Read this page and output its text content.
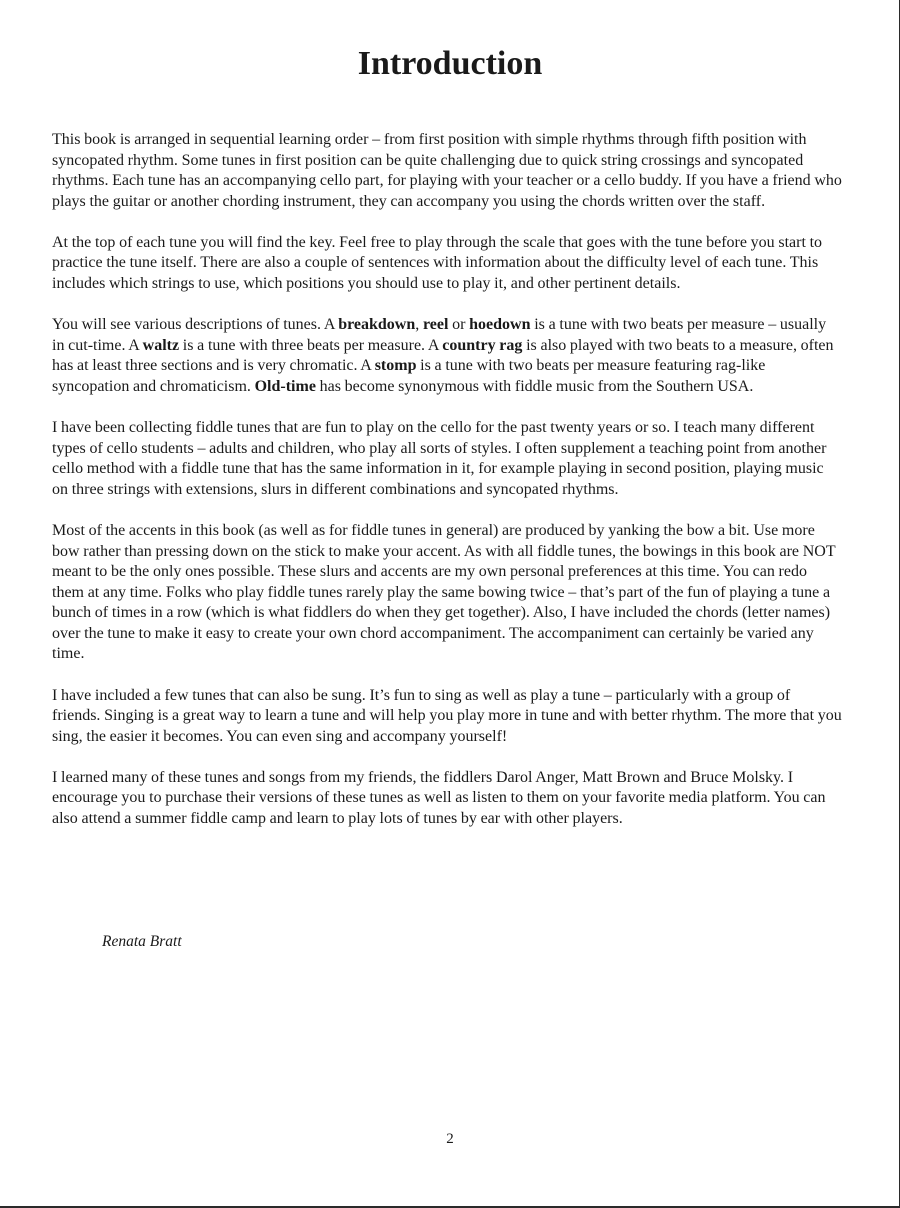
Introduction

This book is arranged in sequential learning order – from first position with simple rhythms through fifth position with syncopated rhythm. Some tunes in first position can be quite challenging due to quick string crossings and syncopated rhythms. Each tune has an accompanying cello part, for playing with your teacher or a cello buddy. If you have a friend who plays the guitar or another chording instrument, they can accompany you using the chords written over the staff.

At the top of each tune you will find the key. Feel free to play through the scale that goes with the tune before you start to practice the tune itself. There are also a couple of sentences with information about the difficulty level of each tune. This includes which strings to use, which positions you should use to play it, and other pertinent details.

You will see various descriptions of tunes. A breakdown, reel or hoedown is a tune with two beats per measure – usually in cut-time. A waltz is a tune with three beats per measure. A country rag is also played with two beats to a measure, often has at least three sections and is very chromatic. A stomp is a tune with two beats per measure featuring rag-like syncopation and chromaticism. Old-time has become synonymous with fiddle music from the Southern USA.

I have been collecting fiddle tunes that are fun to play on the cello for the past twenty years or so. I teach many different types of cello students – adults and children, who play all sorts of styles. I often supplement a teaching point from another cello method with a fiddle tune that has the same information in it, for example playing in second position, playing music on three strings with extensions, slurs in different combinations and syncopated rhythms.

Most of the accents in this book (as well as for fiddle tunes in general) are produced by yanking the bow a bit. Use more bow rather than pressing down on the stick to make your accent. As with all fiddle tunes, the bowings in this book are NOT meant to be the only ones possible. These slurs and accents are my own personal preferences at this time. You can redo them at any time. Folks who play fiddle tunes rarely play the same bowing twice – that’s part of the fun of playing a tune a bunch of times in a row (which is what fiddlers do when they get together). Also, I have included the chords (letter names) over the tune to make it easy to create your own chord accompaniment. The accompaniment can certainly be varied any time.

I have included a few tunes that can also be sung. It’s fun to sing as well as play a tune – particularly with a group of friends. Singing is a great way to learn a tune and will help you play more in tune and with better rhythm. The more that you sing, the easier it becomes. You can even sing and accompany yourself!

I learned many of these tunes and songs from my friends, the fiddlers Darol Anger, Matt Brown and Bruce Molsky. I encourage you to purchase their versions of these tunes as well as listen to them on your favorite media platform. You can also attend a summer fiddle camp and learn to play lots of tunes by ear with other players.

Renata Bratt

2
